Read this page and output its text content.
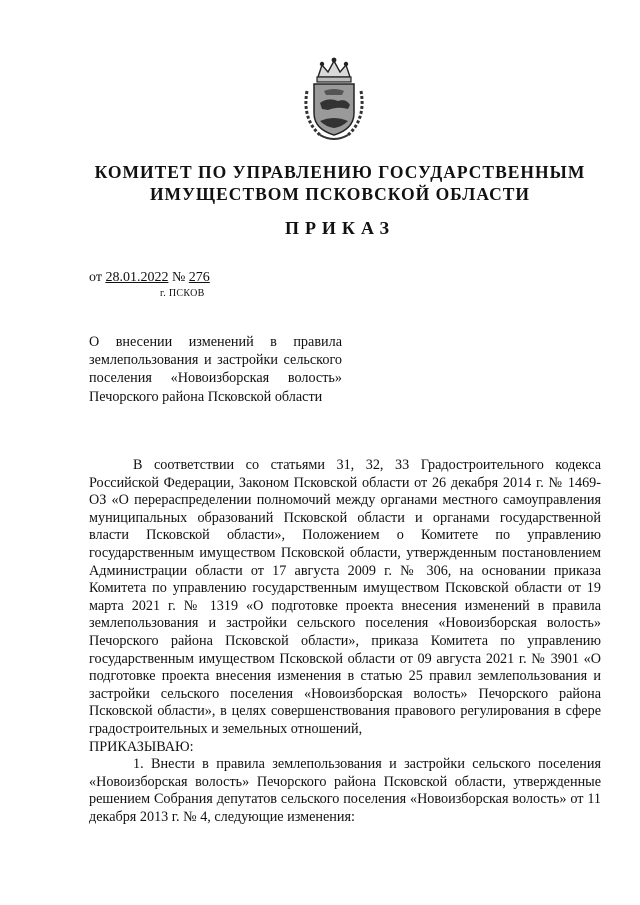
КОМИТЕТ ПО УПРАВЛЕНИЮ ГОСУДАРСТВЕННЫМ
ИМУЩЕСТВОМ ПСКОВСКОЙ ОБЛАСТИ
ПРИКАЗ
от 28.01.2022 № 276
г. ПСКОВ
О внесении изменений в правила землепользования и застройки сельского поселения «Новоизборская волость» Печорского района Псковской области

В соответствии со статьями 31, 32, 33 Градостроительного кодекса Российской Федерации, Законом Псковской области от 26 декабря 2014 г. № 1469-ОЗ «О перераспределении полномочий между органами местного самоуправления муниципальных образований Псковской области и органами государственной власти Псковской области», Положением о Комитете по управлению государственным имуществом Псковской области, утвержденным постановлением Администрации области от 17 августа 2009 г. № 306, на основании приказа Комитета по управлению государственным имуществом Псковской области от 19 марта 2021 г. № 1319 «О подготовке проекта внесения изменений в правила землепользования и застройки сельского поселения «Новоизборская волость» Печорского района Псковской области», приказа Комитета по управлению государственным имуществом Псковской области от 09 августа 2021 г. № 3901 «О подготовке проекта внесения изменения в статью 25 правил землепользования и застройки сельского поселения «Новоизборская волость» Печорского района Псковской области», в целях совершенствования правового регулирования в сфере градостроительных и земельных отношений,

ПРИКАЗЫВАЮ:

1. Внести в правила землепользования и застройки сельского поселения «Новоизборская волость» Печорского района Псковской области, утвержденные решением Собрания депутатов сельского поселения «Новоизборская волость» от 11 декабря 2013 г. № 4, следующие изменения:
